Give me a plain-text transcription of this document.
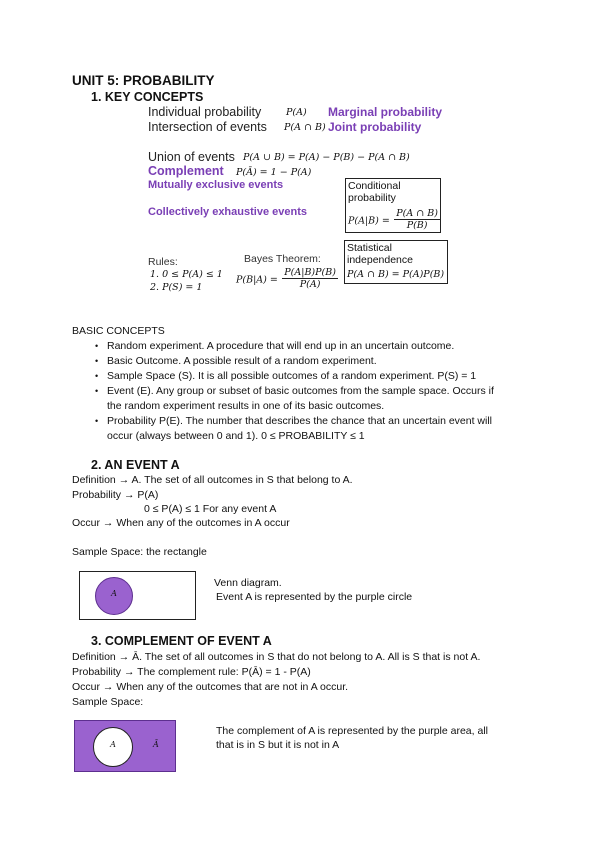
UNIT 5: PROBABILITY
1. KEY CONCEPTS
Individual probability	P(A) Marginal probability
Intersection of events P(A ∩ B) Joint probability
Union of events P(A ∪ B) = P(A) − P(B) − P(A ∩ B)
Complement P(Ā) = 1 − P(A)
Mutually exclusive events
Collectively exhaustive events
Conditional probability
$P(A|B) = \frac{P(A \cap B)}{P(B)}$
Rules:
1. 0 ≤ P(A) ≤ 1
2. P(S) = 1
Bayes Theorem:
$P(B|A) = \frac{P(A|B)P(B)}{P(A)}$
Statistical independence
P(A ∩ B) = P(A)P(B)
BASIC CONCEPTS
• Random experiment. A procedure that will end up in an uncertain outcome.
• Basic Outcome. A possible result of a random experiment.
• Sample Space (S). It is all possible outcomes of a random experiment. P(S) = 1
• Event (E). Any group or subset of basic outcomes from the sample space. Occurs if
the random experiment results in one of its basic outcomes.
• Probability P(E). The number that describes the chance that an uncertain event will
occur (always between 0 and 1). 0 ≤ PROBABILITY ≤ 1
2. AN EVENT A
Definition → A. The set of all outcomes in S that belong to A.
Probability → P(A)
0 ≤ P(A) ≤ 1 For any event A
Occur → When any of the outcomes in A occur
Sample Space: the rectangle
A
Venn diagram.
Event A is represented by the purple circle
3. COMPLEMENT OF EVENT A
Definition → Ā. The set of all outcomes in S that do not belong to A. All is S that is not A.
Probability → The complement rule: P(Ā) = 1 - P(A)
Occur → When any of the outcomes that are not in A occur.
Sample Space:
A	Ā
The complement of A is represented by the purple area, all
that is in S but it is not in A
